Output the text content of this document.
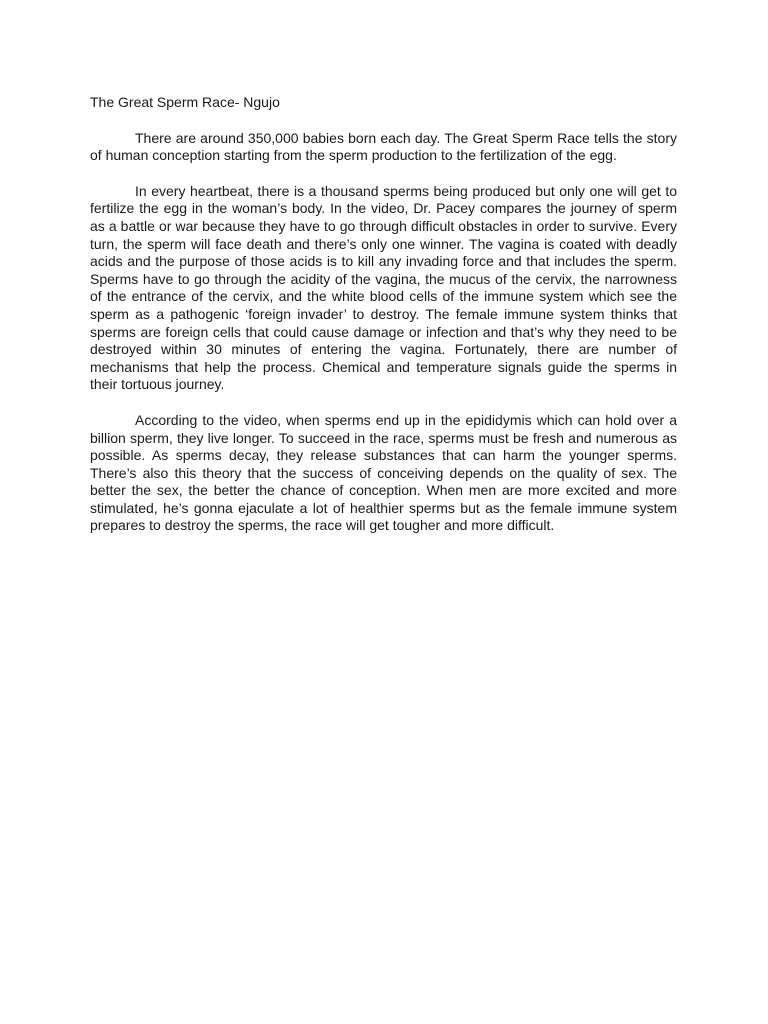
The Great Sperm Race- Ngujo

There are around 350,000 babies born each day. The Great Sperm Race tells the story of human conception starting from the sperm production to the fertilization of the egg.

In every heartbeat, there is a thousand sperms being produced but only one will get to fertilize the egg in the woman’s body. In the video, Dr. Pacey compares the journey of sperm as a battle or war because they have to go through difficult obstacles in order to survive. Every turn, the sperm will face death and there’s only one winner. The vagina is coated with deadly acids and the purpose of those acids is to kill any invading force and that includes the sperm. Sperms have to go through the acidity of the vagina, the mucus of the cervix, the narrowness of the entrance of the cervix, and the white blood cells of the immune system which see the sperm as a pathogenic ‘foreign invader’ to destroy. The female immune system thinks that sperms are foreign cells that could cause damage or infection and that’s why they need to be destroyed within 30 minutes of entering the vagina. Fortunately, there are number of mechanisms that help the process. Chemical and temperature signals guide the sperms in their tortuous journey.

According to the video, when sperms end up in the epididymis which can hold over a billion sperm, they live longer. To succeed in the race, sperms must be fresh and numerous as possible. As sperms decay, they release substances that can harm the younger sperms. There’s also this theory that the success of conceiving depends on the quality of sex. The better the sex, the better the chance of conception. When men are more excited and more stimulated, he’s gonna ejaculate a lot of healthier sperms but as the female immune system prepares to destroy the sperms, the race will get tougher and more difficult.
